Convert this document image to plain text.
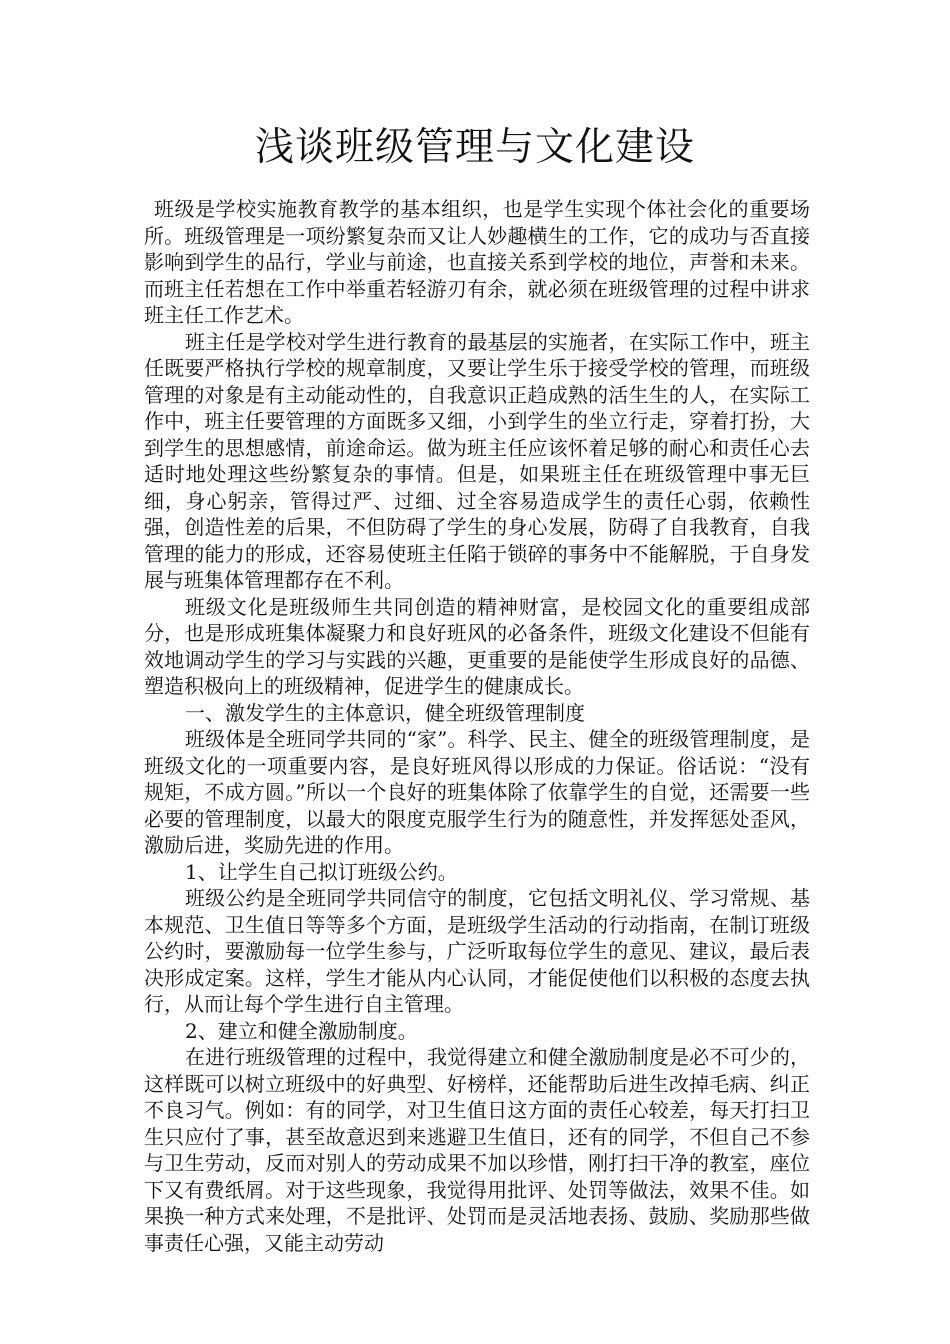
浅谈班级管理与文化建设

班级是学校实施教育教学的基本组织，也是学生实现个体社会化的重要场所。班级管理是一项纷繁复杂而又让人妙趣横生的工作，它的成功与否直接影响到学生的品行，学业与前途，也直接关系到学校的地位，声誉和未来。而班主任若想在工作中举重若轻游刃有余，就必须在班级管理的过程中讲求班主任工作艺术。

班主任是学校对学生进行教育的最基层的实施者，在实际工作中，班主任既要严格执行学校的规章制度，又要让学生乐于接受学校的管理，而班级管理的对象是有主动能动性的，自我意识正趋成熟的活生生的人，在实际工作中，班主任要管理的方面既多又细，小到学生的坐立行走，穿着打扮，大到学生的思想感情，前途命运。做为班主任应该怀着足够的耐心和责任心去适时地处理这些纷繁复杂的事情。但是，如果班主任在班级管理中事无巨细，身心躬亲，管得过严、过细、过全容易造成学生的责任心弱，依赖性强，创造性差的后果，不但防碍了学生的身心发展，防碍了自我教育，自我管理的能力的形成，还容易使班主任陷于锁碎的事务中不能解脱，于自身发展与班集体管理都存在不利。

班级文化是班级师生共同创造的精神财富，是校园文化的重要组成部分，也是形成班集体凝聚力和良好班风的必备条件，班级文化建设不但能有效地调动学生的学习与实践的兴趣，更重要的是能使学生形成良好的品德、塑造积极向上的班级精神，促进学生的健康成长。

一、激发学生的主体意识，健全班级管理制度

班级体是全班同学共同的“家”。科学、民主、健全的班级管理制度，是班级文化的一项重要内容，是良好班风得以形成的力保证。俗话说：“没有规矩，不成方圆。”所以一个良好的班集体除了依靠学生的自觉，还需要一些必要的管理制度，以最大的限度克服学生行为的随意性，并发挥惩处歪风，激励后进，奖励先进的作用。

1、让学生自己拟订班级公约。

班级公约是全班同学共同信守的制度，它包括文明礼仪、学习常规、基本规范、卫生值日等等多个方面，是班级学生活动的行动指南，在制订班级公约时，要激励每一位学生参与，广泛听取每位学生的意见、建议，最后表决形成定案。这样，学生才能从内心认同，才能促使他们以积极的态度去执行，从而让每个学生进行自主管理。

2、建立和健全激励制度。

在进行班级管理的过程中，我觉得建立和健全激励制度是必不可少的，这样既可以树立班级中的好典型、好榜样，还能帮助后进生改掉毛病、纠正不良习气。例如：有的同学，对卫生值日这方面的责任心较差，每天打扫卫生只应付了事，甚至故意迟到来逃避卫生值日，还有的同学，不但自己不参与卫生劳动，反而对别人的劳动成果不加以珍惜，刚打扫干净的教室，座位下又有费纸屑。对于这些现象，我觉得用批评、处罚等做法，效果不佳。如果换一种方式来处理，不是批评、处罚而是灵活地表扬、鼓励、奖励那些做事责任心强，又能主动劳动
